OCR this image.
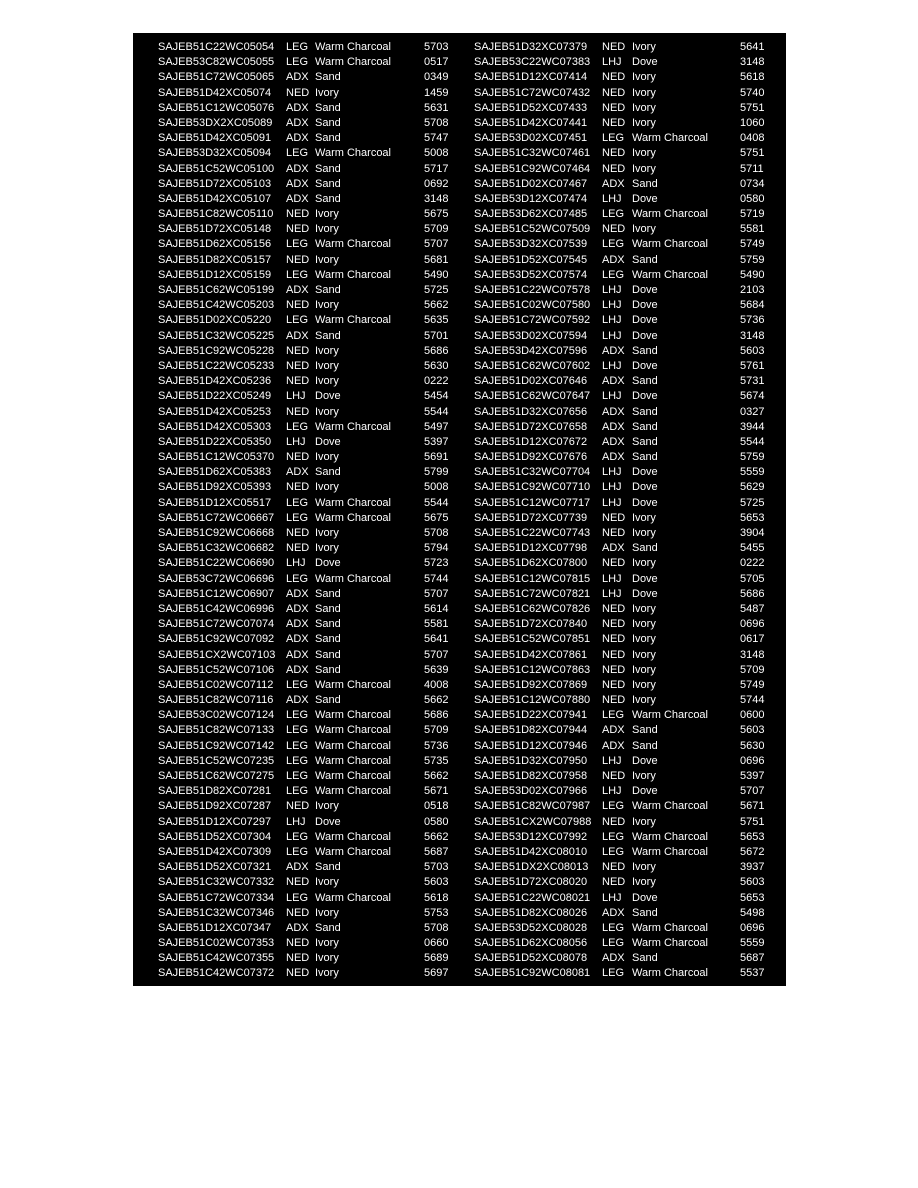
SAJEB51C22WC05054 LEG Warm Charcoal	5703
SAJEB53C82WC05055 LEG Warm Charcoal	0517
SAJEB51C72WC05065 ADX Sand	0349
SAJEB51D42XC05074 NED Ivory	1459
SAJEB51C12WC05076 ADX Sand	5631
SAJEB53DX2XC05089 ADX Sand	5708
SAJEB51D42XC05091 ADX Sand	5747
SAJEB53D32XC05094 LEG Warm Charcoal	5008
SAJEB51C52WC05100 ADX Sand	5717
SAJEB51D72XC05103 ADX Sand	0692
SAJEB51D42XC05107 ADX Sand	3148
SAJEB51C82WC05110 NED Ivory	5675
SAJEB51D72XC05148 NED Ivory	5709
SAJEB51D62XC05156 LEG Warm Charcoal	5707
SAJEB51D82XC05157 NED Ivory	5681
SAJEB51D12XC05159 LEG Warm Charcoal	5490
SAJEB51C62WC05199 ADX Sand	5725
SAJEB51C42WC05203 NED Ivory	5662
SAJEB51D02XC05220 LEG Warm Charcoal	5635
SAJEB51C32WC05225 ADX Sand	5701
SAJEB51C92WC05228 NED Ivory	5686
SAJEB51C22WC05233 NED Ivory	5630
SAJEB51D42XC05236 NED Ivory	0222
SAJEB51D22XC05249 LHJ Dove	5454
SAJEB51D42XC05253 NED Ivory	5544
SAJEB51D42XC05303 LEG Warm Charcoal	5497
SAJEB51D22XC05350 LHJ Dove	5397
SAJEB51C12WC05370 NED Ivory	5691
SAJEB51D62XC05383 ADX Sand	5799
SAJEB51D92XC05393 NED Ivory	5008
SAJEB51D12XC05517 LEG Warm Charcoal	5544
SAJEB51C72WC06667 LEG Warm Charcoal	5675
SAJEB51C92WC06668 NED Ivory	5708
SAJEB51C32WC06682 NED Ivory	5794
SAJEB51C22WC06690 LHJ Dove	5723
SAJEB53C72WC06696 LEG Warm Charcoal	5744
SAJEB51C12WC06907 ADX Sand	5707
SAJEB51C42WC06996 ADX Sand	5614
SAJEB51C72WC07074 ADX Sand	5581
SAJEB51C92WC07092 ADX Sand	5641
SAJEB51CX2WC07103 ADX Sand	5707
SAJEB51C52WC07106 ADX Sand	5639
SAJEB51C02WC07112 LEG Warm Charcoal	4008
SAJEB51C82WC07116 ADX Sand	5662
SAJEB53C02WC07124 LEG Warm Charcoal	5686
SAJEB51C82WC07133 LEG Warm Charcoal	5709
SAJEB51C92WC07142 LEG Warm Charcoal	5736
SAJEB51C52WC07235 LEG Warm Charcoal	5735
SAJEB51C62WC07275 LEG Warm Charcoal	5662
SAJEB51D82XC07281 LEG Warm Charcoal	5671
SAJEB51D92XC07287 NED Ivory	0518
SAJEB51D12XC07297 LHJ Dove	0580
SAJEB51D52XC07304 LEG Warm Charcoal	5662
SAJEB51D42XC07309 LEG Warm Charcoal	5687
SAJEB51D52XC07321 ADX Sand	5703
SAJEB51C32WC07332 NED Ivory	5603
SAJEB51C72WC07334 LEG Warm Charcoal	5618
SAJEB51C32WC07346 NED Ivory	5753
SAJEB51D12XC07347 ADX Sand	5708
SAJEB51C02WC07353 NED Ivory	0660
SAJEB51C42WC07355 NED Ivory	5689
SAJEB51C42WC07372 NED Ivory	5697
SAJEB51D32XC07379 NED Ivory	5641
SAJEB53C22WC07383 LHJ Dove	3148
SAJEB51D12XC07414 NED Ivory	5618
SAJEB51C72WC07432 NED Ivory	5740
SAJEB51D52XC07433 NED Ivory	5751
SAJEB51D42XC07441 NED Ivory	1060
SAJEB53D02XC07451 LEG Warm Charcoal	0408
SAJEB51C32WC07461 NED Ivory	5751
SAJEB51C92WC07464 NED Ivory	5711
SAJEB51D02XC07467 ADX Sand	0734
SAJEB53D12XC07474 LHJ Dove	0580
SAJEB53D62XC07485 LEG Warm Charcoal	5719
SAJEB51C52WC07509 NED Ivory	5581
SAJEB53D32XC07539 LEG Warm Charcoal	5749
SAJEB51D52XC07545 ADX Sand	5759
SAJEB53D52XC07574 LEG Warm Charcoal	5490
SAJEB51C22WC07578 LHJ Dove	2103
SAJEB51C02WC07580 LHJ Dove	5684
SAJEB51C72WC07592 LHJ Dove	5736
SAJEB53D02XC07594 LHJ Dove	3148
SAJEB53D42XC07596 ADX Sand	5603
SAJEB51C62WC07602 LHJ Dove	5761
SAJEB51D02XC07646 ADX Sand	5731
SAJEB51C62WC07647 LHJ Dove	5674
SAJEB51D32XC07656 ADX Sand	0327
SAJEB51D72XC07658 ADX Sand	3944
SAJEB51D12XC07672 ADX Sand	5544
SAJEB51D92XC07676 ADX Sand	5759
SAJEB51C32WC07704 LHJ Dove	5559
SAJEB51C92WC07710 LHJ Dove	5629
SAJEB51C12WC07717 LHJ Dove	5725
SAJEB51D72XC07739 NED Ivory	5653
SAJEB51C22WC07743 NED Ivory	3904
SAJEB51D12XC07798 ADX Sand	5455
SAJEB51D62XC07800 NED Ivory	0222
SAJEB51C12WC07815 LHJ Dove	5705
SAJEB51C72WC07821 LHJ Dove	5686
SAJEB51C62WC07826 NED Ivory	5487
SAJEB51D72XC07840 NED Ivory	0696
SAJEB51C52WC07851 NED Ivory	0617
SAJEB51D42XC07861 NED Ivory	3148
SAJEB51C12WC07863 NED Ivory	5709
SAJEB51D92XC07869 NED Ivory	5749
SAJEB51C12WC07880 NED Ivory	5744
SAJEB51D22XC07941 LEG Warm Charcoal	0600
SAJEB51D82XC07944 ADX Sand	5603
SAJEB51D12XC07946 ADX Sand	5630
SAJEB51D32XC07950 LHJ Dove	0696
SAJEB51D82XC07958 NED Ivory	5397
SAJEB53D02XC07966 LHJ Dove	5707
SAJEB51C82WC07987 LEG Warm Charcoal	5671
SAJEB51CX2WC07988 NED Ivory	5751
SAJEB53D12XC07992 LEG Warm Charcoal	5653
SAJEB51D42XC08010 LEG Warm Charcoal	5672
SAJEB51DX2XC08013 NED Ivory	3937
SAJEB51D72XC08020 NED Ivory	5603
SAJEB51C22WC08021 LHJ Dove	5653
SAJEB51D82XC08026 ADX Sand	5498
SAJEB53D52XC08028 LEG Warm Charcoal	0696
SAJEB51D62XC08056 LEG Warm Charcoal	5559
SAJEB51D52XC08078 ADX Sand	5687
SAJEB51C92WC08081 LEG Warm Charcoal	5537
